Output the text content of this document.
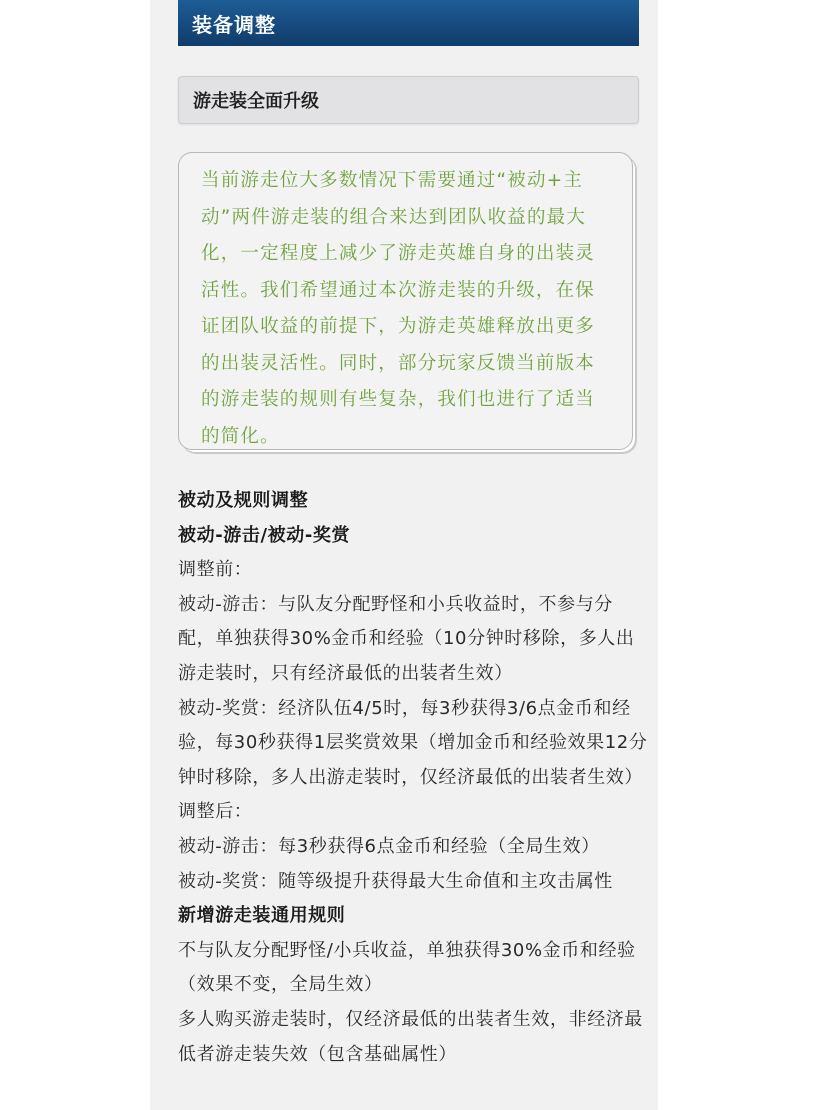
装备调整
游走装全面升级

当前游走位大多数情况下需要通过“被动+主动”两件游走装的组合来达到团队收益的最大化，一定程度上减少了游走英雄自身的出装灵活性。我们希望通过本次游走装的升级，在保证团队收益的前提下，为游走英雄释放出更多的出装灵活性。同时，部分玩家反馈当前版本的游走装的规则有些复杂，我们也进行了适当的简化。

被动及规则调整

被动-游击/被动-奖赏

调整前：

被动-游击：与队友分配野怪和小兵收益时，不参与分配，单独获得30%金币和经验（10分钟时移除，多人出游走装时，只有经济最低的出装者生效）

被动-奖赏：经济队伍4/5时，每3秒获得3/6点金币和经验，每30秒获得1层奖赏效果（增加金币和经验效果12分钟时移除，多人出游走装时，仅经济最低的出装者生效）

调整后：

被动-游击：每3秒获得6点金币和经验（全局生效）

被动-奖赏：随等级提升获得最大生命值和主攻击属性

新增游走装通用规则

不与队友分配野怪/小兵收益，单独获得30%金币和经验（效果不变，全局生效）

多人购买游走装时，仅经济最低的出装者生效，非经济最低者游走装失效（包含基础属性）
